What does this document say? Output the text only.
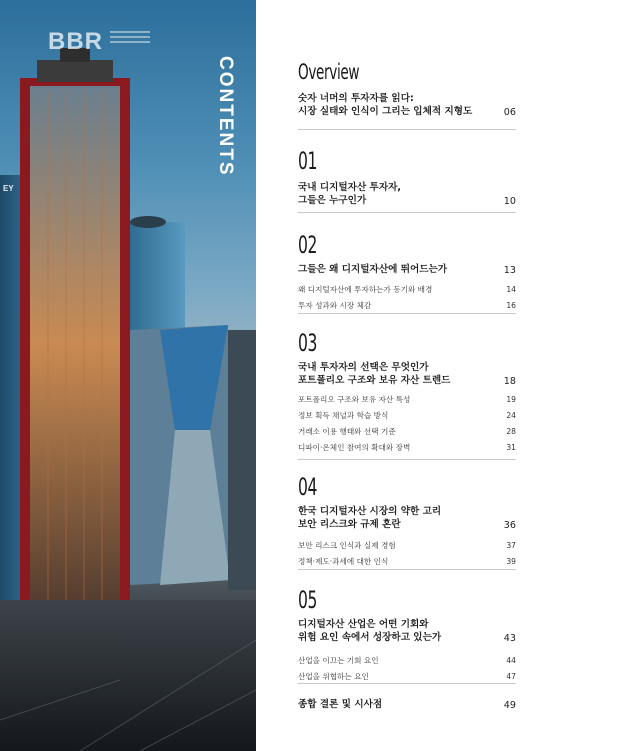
EY
BBR
CONTENTS	Overview
숫자 너머의 투자자를 읽다:
시장 실태와 인식이 그리는 입체적 지형도	06
01
국내 디지털자산 투자자,
그들은 누구인가	10
02
그들은 왜 디지털자산에 뛰어드는가	13
왜 디지털자산에 투자하는가 동기와 배경	14
투자 성과와 시장 체감	16
03
국내 투자자의 선택은 무엇인가
포트폴리오 구조와 보유 자산 트렌드	18
포트폴리오 구조와 보유 자산 특성	19
정보 획득 채널과 학습 방식	24
거래소 이용 행태와 선택 기준	28
디파이·온체인 참여의 확대와 장벽	31
04
한국 디지털자산 시장의 약한 고리
보안 리스크와 규제 혼란	36
보안 리스크 인식과 실제 경험	37
정책·제도·과세에 대한 인식	39
05
디지털자산 산업은 어떤 기회와
위험 요인 속에서 성장하고 있는가	43
산업을 이끄는 기회 요인	44
산업을 위협하는 요인	47
종합 결론 및 시사점	49
